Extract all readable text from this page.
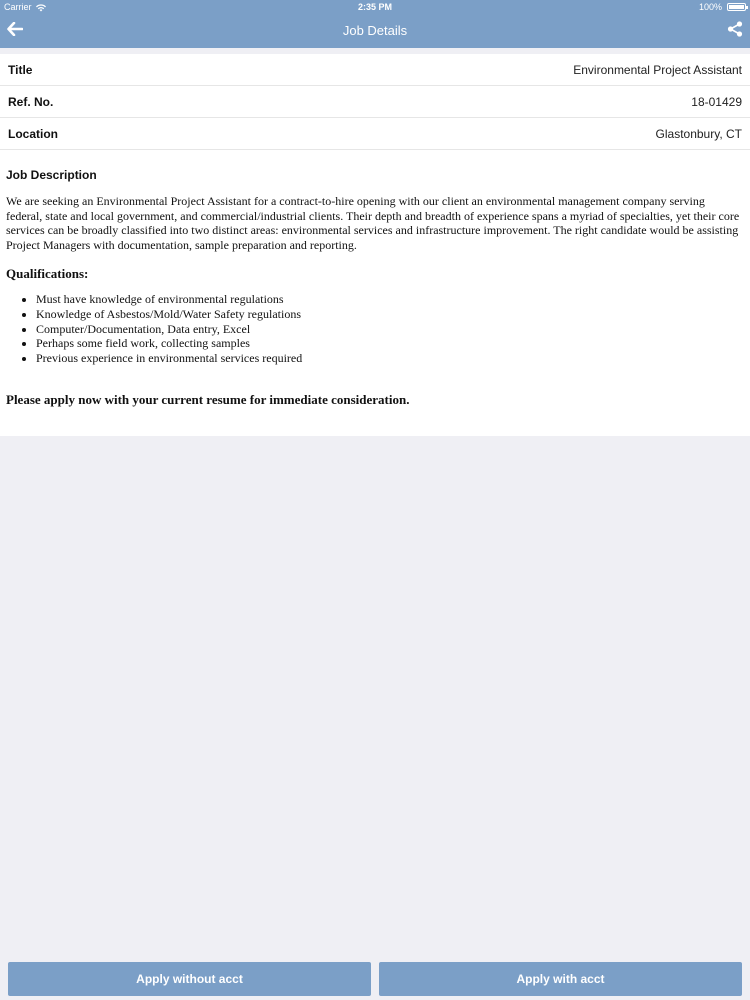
Carrier	2:35 PM	100%
Job Details
Title	Environmental Project Assistant
Ref. No.	18-01429
Location	Glastonbury, CT

Job Description

We are seeking an Environmental Project Assistant for a contract-to-hire opening with our client an environmental management company serving federal, state and local government, and commercial/industrial clients. Their depth and breadth of experience spans a myriad of specialties, yet their core services can be broadly classified into two distinct areas: environmental services and infrastructure improvement. The right candidate would be assisting Project Managers with documentation, sample preparation and reporting.

Qualifications:

• Must have knowledge of environmental regulations
• Knowledge of Asbestos/Mold/Water Safety regulations
• Computer/Documentation, Data entry, Excel
• Perhaps some field work, collecting samples
• Previous experience in environmental services required

Please apply now with your current resume for immediate consideration.

Apply without acct	Apply with acct
